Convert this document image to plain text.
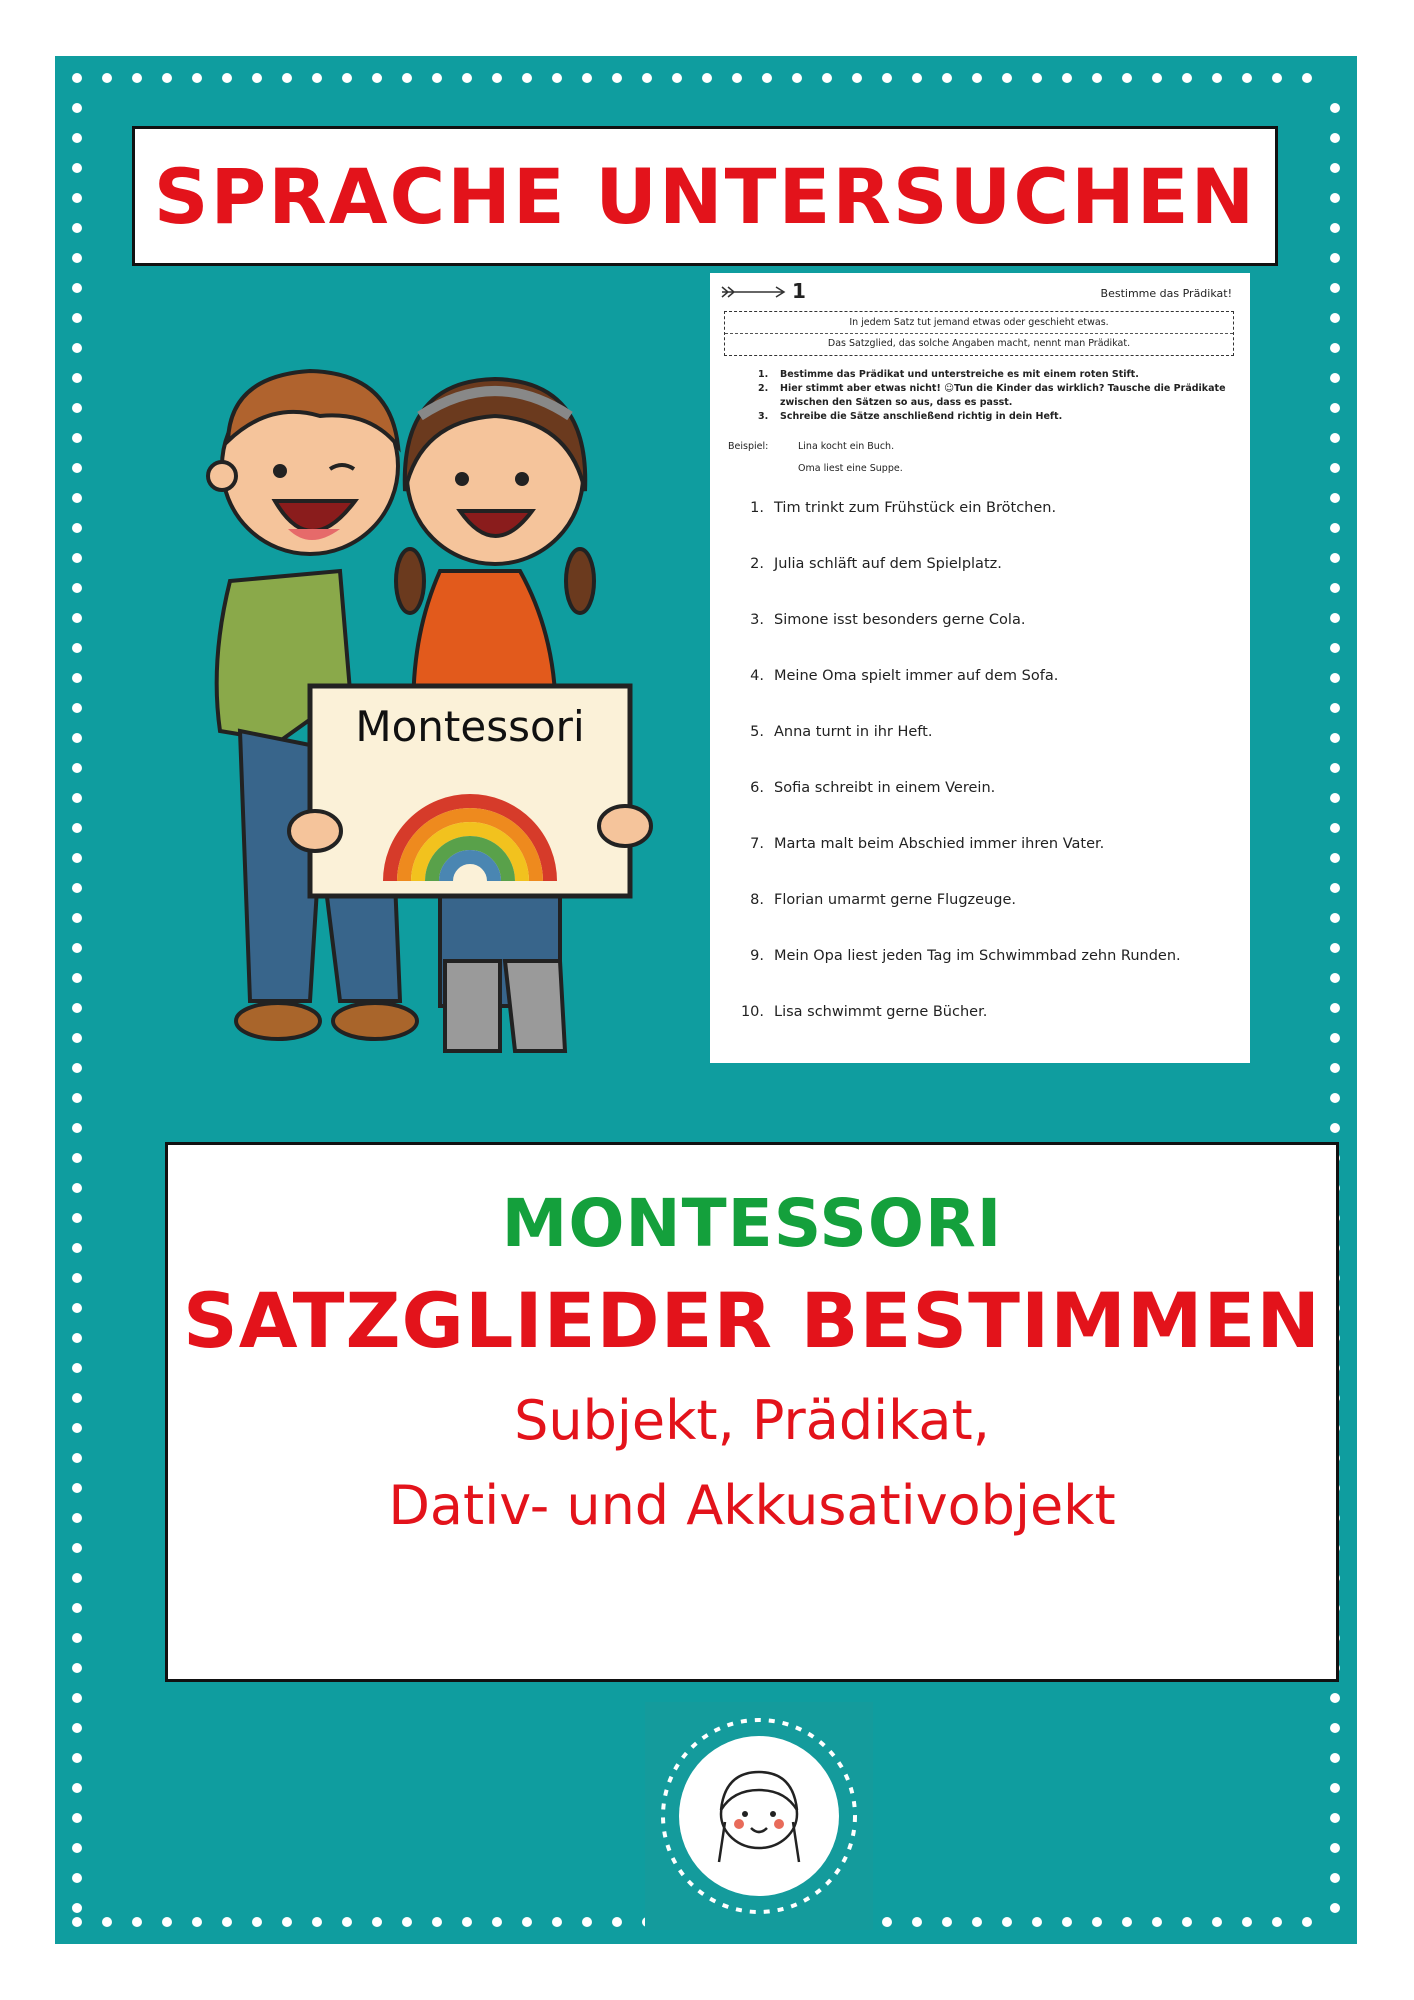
SPRACHE UNTERSUCHEN
Montessori
1	Bestimme das Prädikat!
In jedem Satz tut jemand etwas oder geschieht etwas.
Das Satzglied, das solche Angaben macht, nennt man Prädikat.
1. Bestimme das Prädikat und unterstreiche es mit einem roten Stift.
2. Hier stimmt aber etwas nicht! ☺Tun die Kinder das wirklich? Tausche die Prädikate zwischen den Sätzen so aus, dass es passt.
3. Schreibe die Sätze anschließend richtig in dein Heft.
Beispiel:	Lina kocht ein Buch.
Oma liest eine Suppe.
1. Tim trinkt zum Frühstück ein Brötchen.
2. Julia schläft auf dem Spielplatz.
3. Simone isst besonders gerne Cola.
4. Meine Oma spielt immer auf dem Sofa.
5. Anna turnt in ihr Heft.
6. Sofia schreibt in einem Verein.
7. Marta malt beim Abschied immer ihren Vater.
8. Florian umarmt gerne Flugzeuge.
9. Mein Opa liest jeden Tag im Schwimmbad zehn Runden.
10. Lisa schwimmt gerne Bücher.
MONTESSORI
SATZGLIEDER BESTIMMEN
Subjekt, Prädikat,
Dativ- und Akkusativobjekt
